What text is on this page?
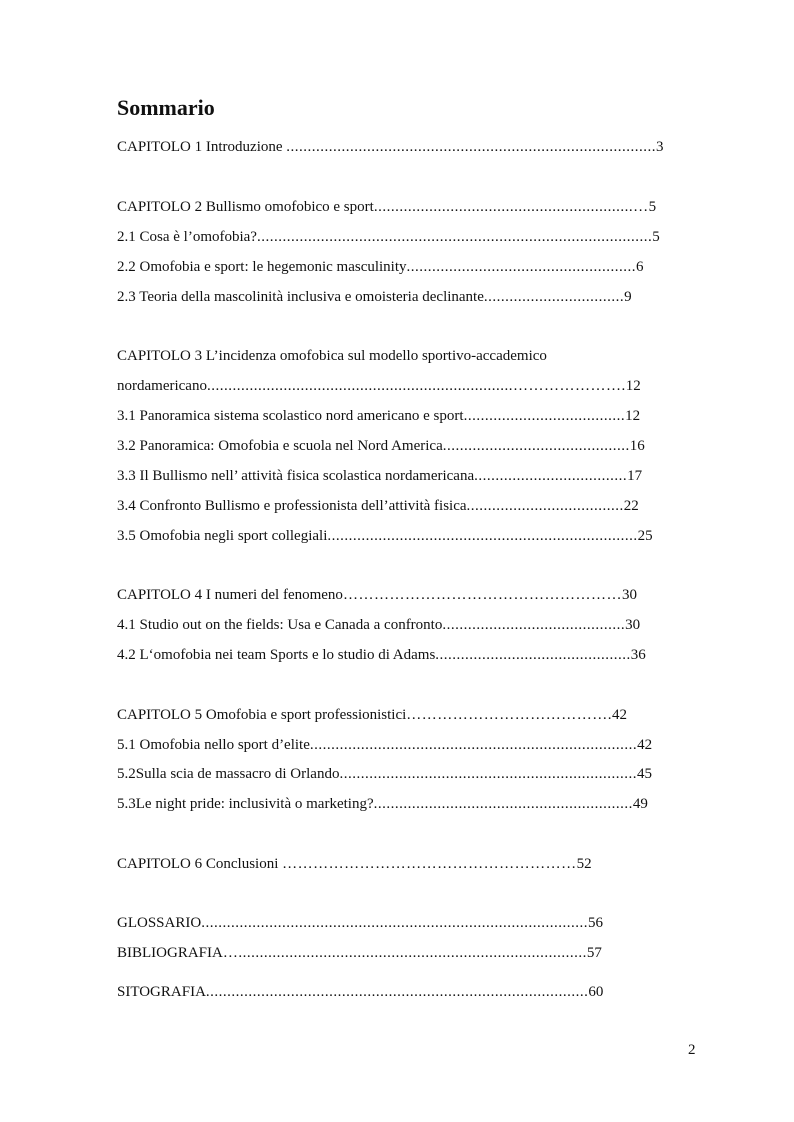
Sommario
CAPITOLO 1 Introduzione .......................................................................................3
CAPITOLO 2 Bullismo omofobico e sport.............................................................…5
2.1 Cosa è l’omofobia?.............................................................................................5
2.2 Omofobia e sport: le hegemonic masculinity......................................................6
2.3 Teoria della mascolinità inclusiva e omoisteria declinante.................................9
CAPITOLO 3 L’incidenza omofobica sul modello sportivo-accademico
nordamericano........................................................................………………….12
3.1 Panoramica sistema scolastico nord americano e sport......................................12
3.2 Panoramica: Omofobia e scuola nel Nord America............................................16
3.3 Il Bullismo nell’ attività fisica scolastica nordamericana....................................17
3.4 Confronto Bullismo e professionista dell’attività fisica.....................................22
3.5 Omofobia negli sport collegiali.........................................................................25
CAPITOLO 4 I numeri del fenomeno………………………………………………30
4.1 Studio out on the fields: Usa e Canada a confronto...........................................30
4.2 L‘omofobia nei team Sports e lo studio di Adams..............................................36
CAPITOLO 5 Omofobia e sport professionistici………………………………….42
5.1 Omofobia nello sport d’elite.............................................................................42
5.2Sulla scia de massacro di Orlando......................................................................45
5.3Le night pride: inclusività o marketing?.............................................................49
CAPITOLO 6 Conclusioni …………………………………………………52
GLOSSARIO...........................................................................................56
BIBLIOGRAFIA…..................................................................................57
SITOGRAFIA..........................................................................................60
2
